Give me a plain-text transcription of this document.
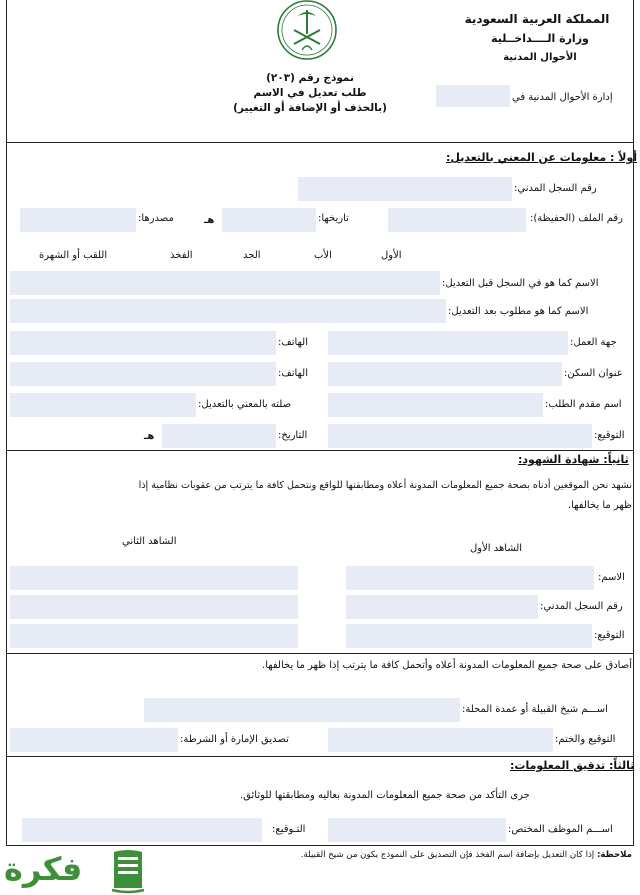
المملكة العربية السعودية
وزارة الــــداخــلية
الأحوال المدنية
نموذج رقم (٢٠٣)
طلب تعديل في الاسم
(بالحذف أو الإضافة أو التغيير)
إدارة الأحوال المدنية في
أولاً : معلومات عن المعني بالتعديل:
رقم السجل المدني:
رقم الملف (الحفيظة):
تاريخها:
هـ
مصدرها:
الأول
الأب
الجد
الفخذ
اللقب أو الشهرة
الاسم كما هو في السجل قبل التعديل:
الاسم كما هو مطلوب بعد التعديل:
جهة العمل:
الهاتف:
عنوان السكن:
الهاتف:
اسم مقدم الطلب:
صلته بالمعني بالتعديل:
التوقيع:
التاريخ:
هـ
ثانياً: شهادة الشهود:
نشهد نحن الموقعين أدناه بصحة جميع المعلومات المدونة أعلاه ومطابقتها للواقع ونتحمل كافة ما يترتب من عقوبات نظامية إذا
ظهر ما يخالفها.
الشاهد الأول
الشاهد الثاني
الاسم:
رقم السجل المدني:
التوقيع:
أصادق على صحة جميع المعلومات المدونة أعلاه وأتحمل كافة ما يترتب إذا ظهر ما يخالفها.
اســـم شيخ القبيلة أو عمدة المحلة:
التوقيع والختم:
تصديق الإمارة أو الشرطة:
ثالثاً: تدقيق المعلومات:
جرى التأكد من صحة جميع المعلومات المدونة بعاليه ومطابقتها للوثائق.
اســـم الموظف المختص:
التـوقيع:
ملاحظة: إذا كان التعديل بإضافة اسم الفخذ فإن التصديق على النموذج يكون من شيخ القبيلة.
فكرة
